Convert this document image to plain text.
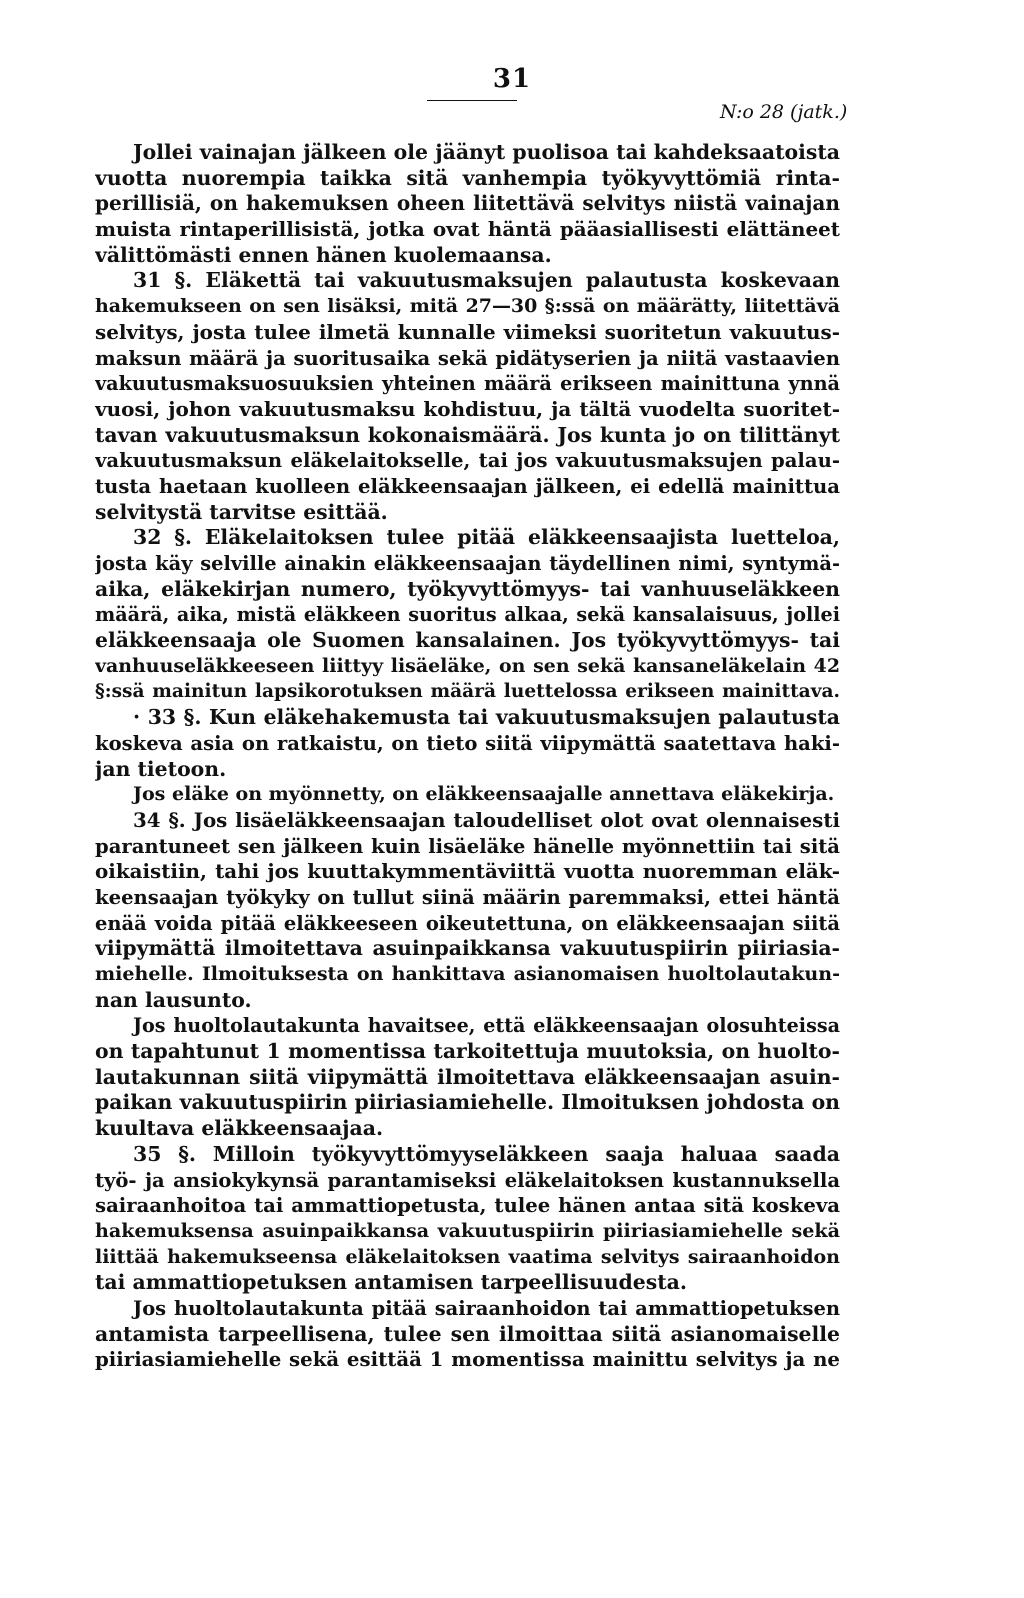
31
N:o 28 (jatk.)
Jollei vainajan jälkeen ole jäänyt puolisoa tai kahdeksaatoista
vuotta nuorempia taikka sitä vanhempia työkyvyttömiä rinta-
perillisiä, on hakemuksen oheen liitettävä selvitys niistä vainajan
muista rintaperillisistä, jotka ovat häntä pääasiallisesti elättäneet
välittömästi ennen hänen kuolemaansa.
31 §. Eläkettä tai vakuutusmaksujen palautusta koskevaan
hakemukseen on sen lisäksi, mitä 27—30 §:ssä on määrätty, liitettävä
selvitys, josta tulee ilmetä kunnalle viimeksi suoritetun vakuutus-
maksun määrä ja suoritusaika sekä pidätyserien ja niitä vastaavien
vakuutusmaksuosuuksien yhteinen määrä erikseen mainittuna ynnä
vuosi, johon vakuutusmaksu kohdistuu, ja tältä vuodelta suoritet-
tavan vakuutusmaksun kokonaismäärä. Jos kunta jo on tilittänyt
vakuutusmaksun eläkelaitokselle, tai jos vakuutusmaksujen palau-
tusta haetaan kuolleen eläkkeensaajan jälkeen, ei edellä mainittua
selvitystä tarvitse esittää.
32 §. Eläkelaitoksen tulee pitää eläkkeensaajista luetteloa,
josta käy selville ainakin eläkkeensaajan täydellinen nimi, syntymä-
aika, eläkekirjan numero, työkyvyttömyys- tai vanhuuseläkkeen
määrä, aika, mistä eläkkeen suoritus alkaa, sekä kansalaisuus, jollei
eläkkeensaaja ole Suomen kansalainen. Jos työkyvyttömyys- tai
vanhuuseläkkeeseen liittyy lisäeläke, on sen sekä kansaneläkelain 42
§:ssä mainitun lapsikorotuksen määrä luettelossa erikseen mainittava.
· 33 §. Kun eläkehakemusta tai vakuutusmaksujen palautusta
koskeva asia on ratkaistu, on tieto siitä viipymättä saatettava haki-
jan tietoon.
Jos eläke on myönnetty, on eläkkeensaajalle annettava eläkekirja.
34 §. Jos lisäeläkkeensaajan taloudelliset olot ovat olennaisesti
parantuneet sen jälkeen kuin lisäeläke hänelle myönnettiin tai sitä
oikaistiin, tahi jos kuuttakymmentäviittä vuotta nuoremman eläk-
keensaajan työkyky on tullut siinä määrin paremmaksi, ettei häntä
enää voida pitää eläkkeeseen oikeutettuna, on eläkkeensaajan siitä
viipymättä ilmoitettava asuinpaikkansa vakuutuspiirin piiriasia-
miehelle. Ilmoituksesta on hankittava asianomaisen huoltolautakun-
nan lausunto.
Jos huoltolautakunta havaitsee, että eläkkeensaajan olosuhteissa
on tapahtunut 1 momentissa tarkoitettuja muutoksia, on huolto-
lautakunnan siitä viipymättä ilmoitettava eläkkeensaajan asuin-
paikan vakuutuspiirin piiriasiamiehelle. Ilmoituksen johdosta on
kuultava eläkkeensaajaa.
35 §. Milloin työkyvyttömyyseläkkeen saaja haluaa saada
työ- ja ansiokykynsä parantamiseksi eläkelaitoksen kustannuksella
sairaanhoitoa tai ammattiopetusta, tulee hänen antaa sitä koskeva
hakemuksensa asuinpaikkansa vakuutuspiirin piiriasiamiehelle sekä
liittää hakemukseensa eläkelaitoksen vaatima selvitys sairaanhoidon
tai ammattiopetuksen antamisen tarpeellisuudesta.
Jos huoltolautakunta pitää sairaanhoidon tai ammattiopetuksen
antamista tarpeellisena, tulee sen ilmoittaa siitä asianomaiselle
piiriasiamiehelle sekä esittää 1 momentissa mainittu selvitys ja ne
